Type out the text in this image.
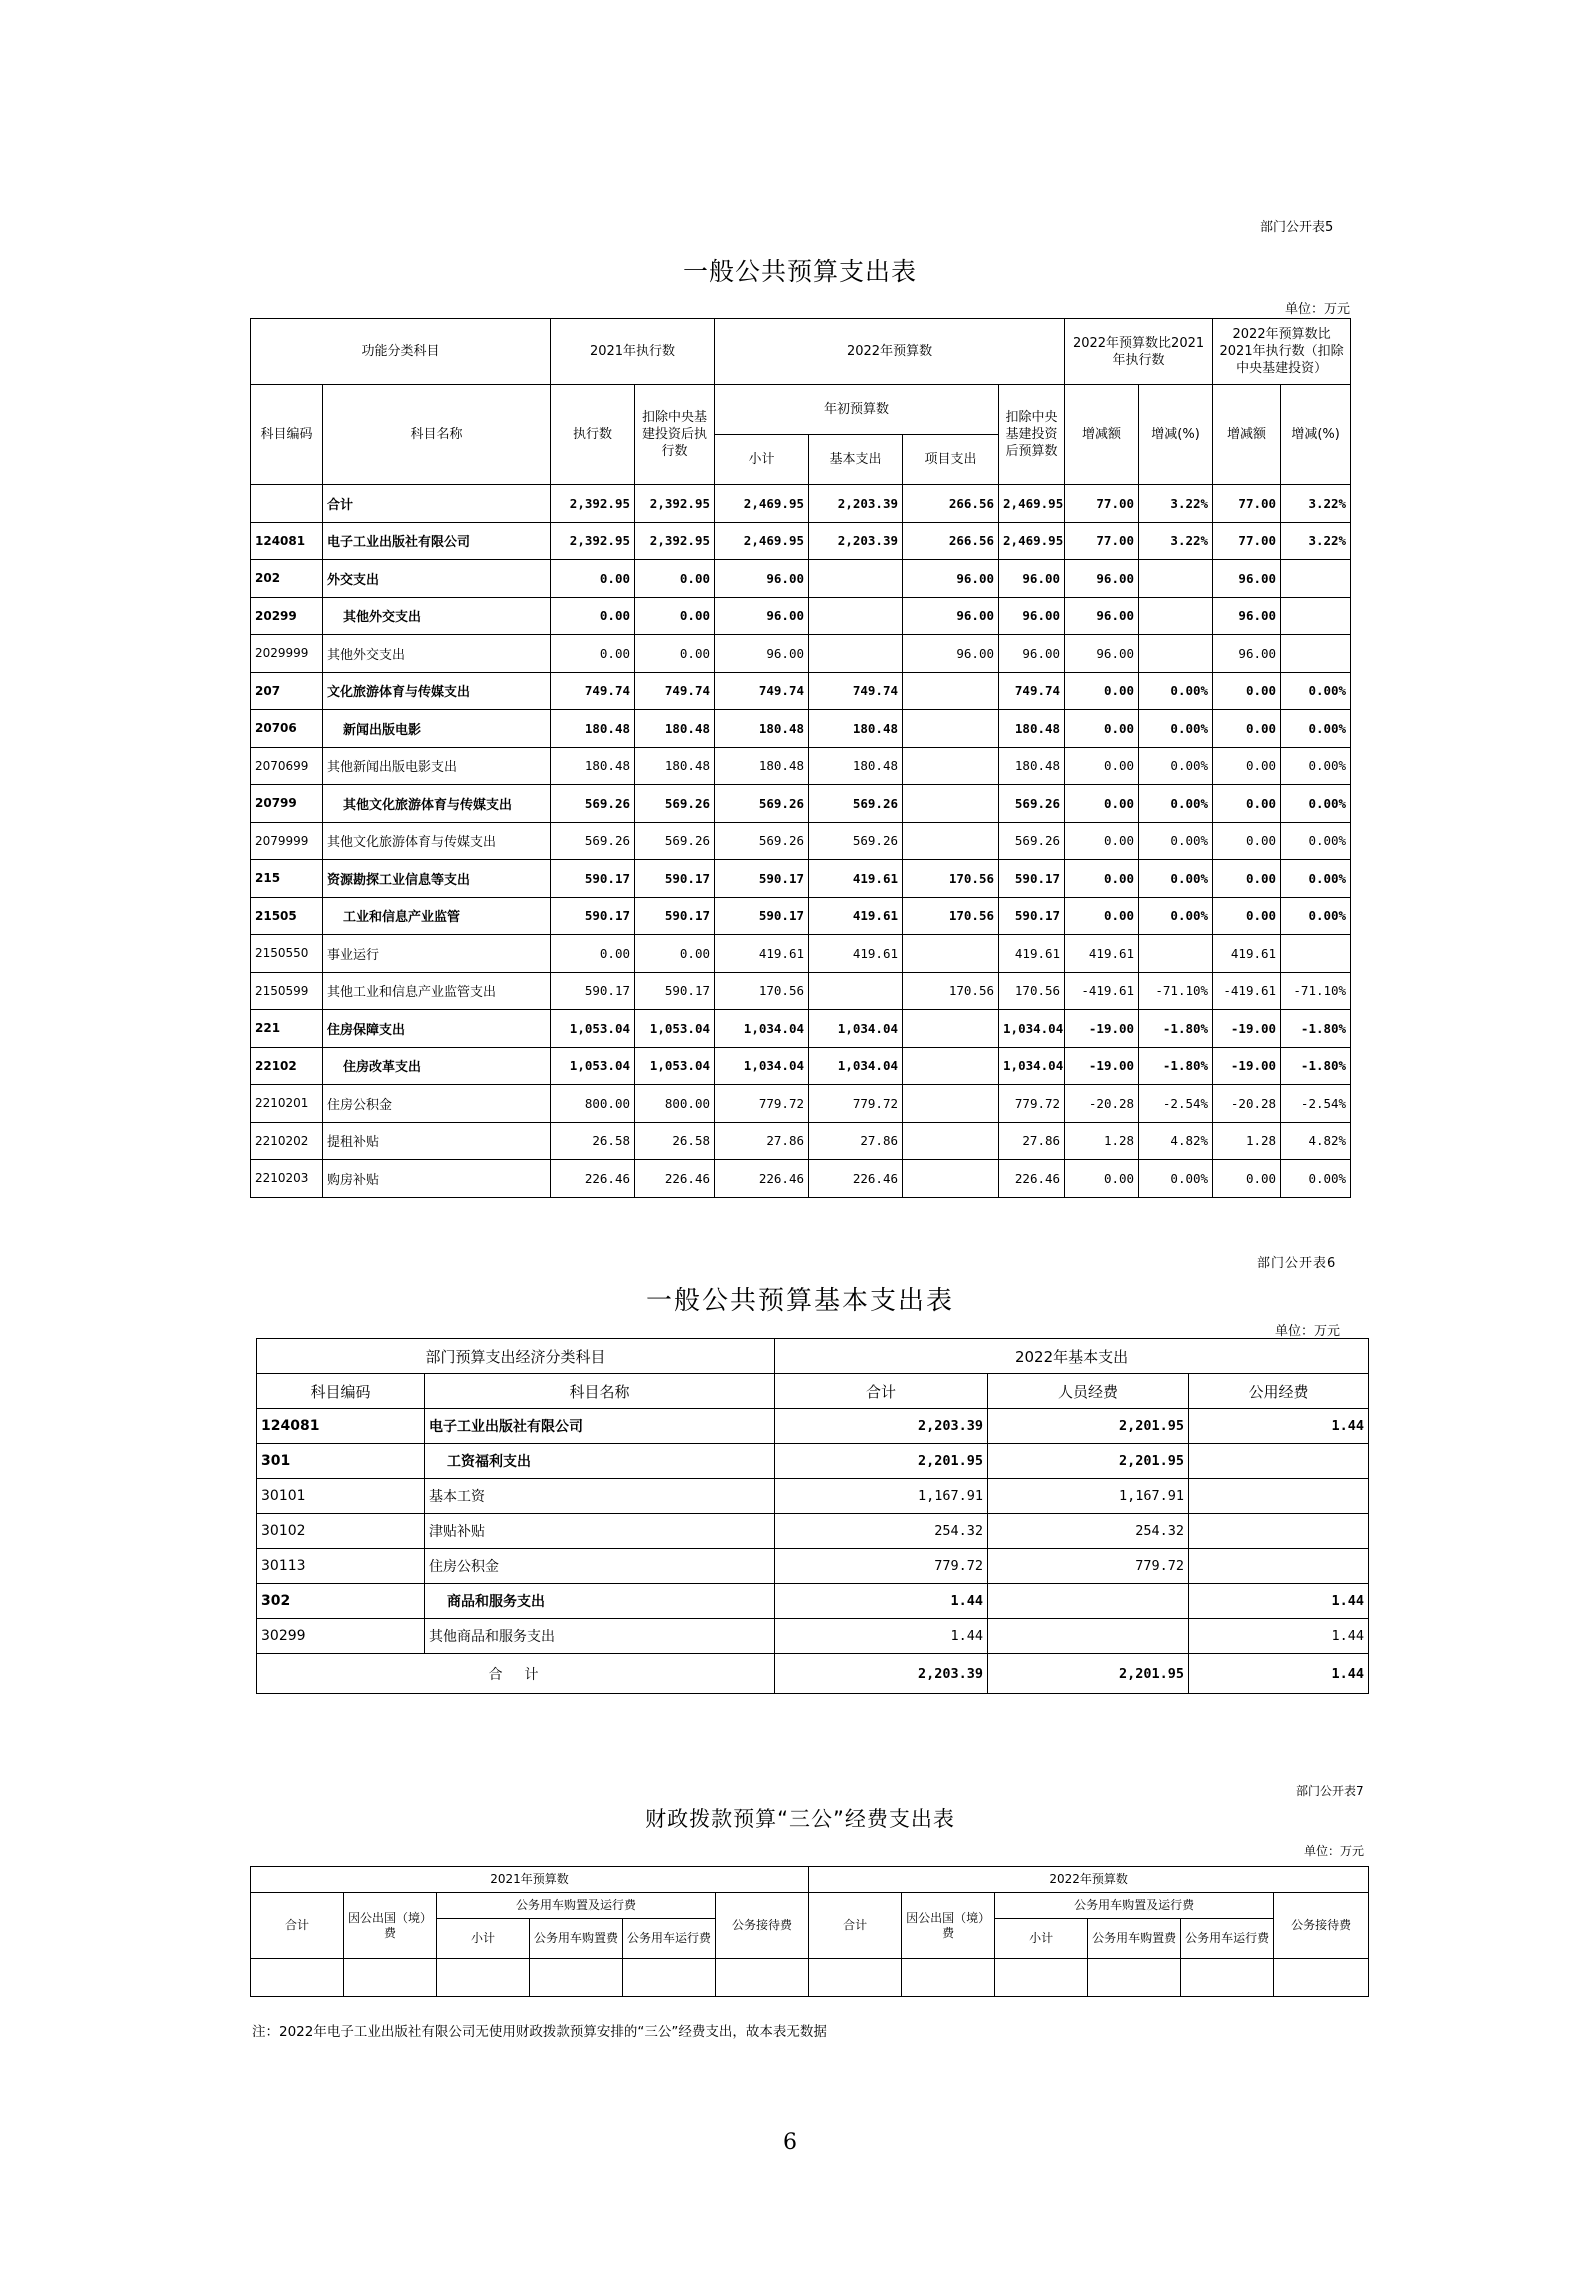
部门公开表5
一般公共预算支出表
单位：万元
功能分类科目		2021年执行数		2022年预算数				2022年预算数比2021年执行数		2022年预算数比2021年执行数（扣除中央基建投资）	
科目编码	科目名称	执行数	扣除中央基建投资后执行数	年初预算数			扣除中央基建投资后预算数	增减额	增减(%)	增减额	增减(%)
				小计	基本支出	项目支出					
	合计	2,392.95	2,392.95	2,469.95	2,203.39	266.56	2,469.95	77.00	3.22%	77.00	3.22%
124081	电子工业出版社有限公司	2,392.95	2,392.95	2,469.95	2,203.39	266.56	2,469.95	77.00	3.22%	77.00	3.22%
202	外交支出	0.00	0.00	96.00		96.00	96.00	96.00		96.00	
20299	其他外交支出	0.00	0.00	96.00		96.00	96.00	96.00		96.00	
2029999	其他外交支出	0.00	0.00	96.00		96.00	96.00	96.00		96.00	
207	文化旅游体育与传媒支出	749.74	749.74	749.74	749.74		749.74	0.00	0.00%	0.00	0.00%
20706	新闻出版电影	180.48	180.48	180.48	180.48		180.48	0.00	0.00%	0.00	0.00%
2070699	其他新闻出版电影支出	180.48	180.48	180.48	180.48		180.48	0.00	0.00%	0.00	0.00%
20799	其他文化旅游体育与传媒支出	569.26	569.26	569.26	569.26		569.26	0.00	0.00%	0.00	0.00%
2079999	其他文化旅游体育与传媒支出	569.26	569.26	569.26	569.26		569.26	0.00	0.00%	0.00	0.00%
215	资源勘探工业信息等支出	590.17	590.17	590.17	419.61	170.56	590.17	0.00	0.00%	0.00	0.00%
21505	工业和信息产业监管	590.17	590.17	590.17	419.61	170.56	590.17	0.00	0.00%	0.00	0.00%
2150550	事业运行	0.00	0.00	419.61	419.61		419.61	419.61		419.61	
2150599	其他工业和信息产业监管支出	590.17	590.17	170.56		170.56	170.56	-419.61	-71.10%	-419.61	-71.10%
221	住房保障支出	1,053.04	1,053.04	1,034.04	1,034.04		1,034.04	-19.00	-1.80%	-19.00	-1.80%
22102	住房改革支出	1,053.04	1,053.04	1,034.04	1,034.04		1,034.04	-19.00	-1.80%	-19.00	-1.80%
2210201	住房公积金	800.00	800.00	779.72	779.72		779.72	-20.28	-2.54%	-20.28	-2.54%
2210202	提租补贴	26.58	26.58	27.86	27.86		27.86	1.28	4.82%	1.28	4.82%
2210203	购房补贴	226.46	226.46	226.46	226.46		226.46	0.00	0.00%	0.00	0.00%
部门公开表6
一般公共预算基本支出表
单位：万元
部门预算支出经济分类科目		2022年基本支出		
科目编码	科目名称	合计	人员经费	公用经费
124081	电子工业出版社有限公司	2,203.39	2,201.95	1.44
301	工资福利支出	2,201.95	2,201.95	
30101	基本工资	1,167.91	1,167.91	
30102	津贴补贴	254.32	254.32	
30113	住房公积金	779.72	779.72	
302	商品和服务支出	1.44		1.44
30299	其他商品和服务支出	1.44		1.44
合　计		2,203.39	2,201.95	1.44
部门公开表7
财政拨款预算“三公”经费支出表
单位：万元
2021年预算数						2022年预算数					
合计	因公出国（境）费	公务用车购置及运行费			公务接待费	合计	因公出国（境）费	公务用车购置及运行费			公务接待费
		小计	公务用车购置费	公务用车运行费				小计	公务用车购置费	公务用车运行费	

注：2022年电子工业出版社有限公司无使用财政拨款预算安排的“三公”经费支出，故本表无数据
6
